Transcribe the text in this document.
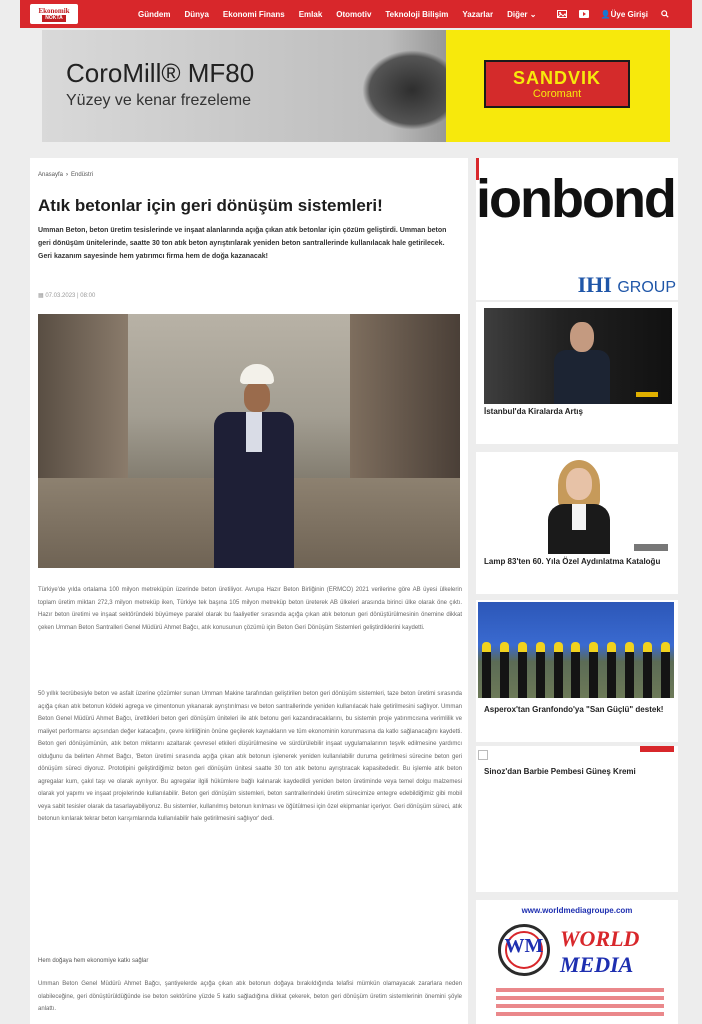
Ekonomik
NOKTA	Gündem Dünya Ekonomi Finans Emlak Otomotiv Teknoloji Bilişim Yazarlar Diğer ⌄	👤Üye Girişi
CoroMill® MF80
Yüzey ve kenar frezeleme
SANDVIK
Coromant
Anasayfa › Endüstri
Atık betonlar için geri dönüşüm sistemleri!

Umman Beton, beton üretim tesislerinde ve inşaat alanlarında açığa çıkan atık betonlar için çözüm geliştirdi. Umman beton geri dönüşüm ünitelerinde, saatte 30 ton atık beton ayrıştırılarak yeniden beton santrallerinde kullanılacak hale getirilecek. Geri kazanım sayesinde hem yatırımcı firma hem de doğa kazanacak!

▦ 07.03.2023 | 08:00

Türkiye'de yılda ortalama 100 milyon metreküpün üzerinde beton üretiliyor. Avrupa Hazır Beton Birliğinin (ERMCO) 2021 verilerine göre AB üyesi ülkelerin toplam üretim miktarı 272,3 milyon metreküp iken, Türkiye tek başına 105 milyon metreküp beton üreterek AB ülkeleri arasında birinci ülke olarak öne çıktı. Hazır beton üretimi ve inşaat sektöründeki büyümeye paralel olarak bu faaliyetler sırasında açığa çıkan atık betonun geri dönüştürülmesinin önemine dikkat çeken Umman Beton Santralleri Genel Müdürü Ahmet Bağcı, atık konusunun çözümü için Beton Geri Dönüşüm Sistemleri geliştirdiklerini kaydetti.

50 yıllık tecrübesiyle beton ve asfalt üzerine çözümler sunan Umman Makine tarafından geliştirilen beton geri dönüşüm sistemleri, taze beton üretimi sırasında açığa çıkan atık betonun ködeki agrega ve çimentonun yıkanarak ayrıştırılması ve beton santrallerinde yeniden kullanılacak hale getirilmesini sağlıyor. Umman Beton Genel Müdürü Ahmet Bağcı, ürettikleri beton geri dönüşüm üniteleri ile atık betonu geri kazandıracaklarını, bu sistemin proje yatırımcısına verimlilik ve maliyet performansı açısından değer katacağını, çevre kirliliğinin önüne geçilerek kaynakların ve tüm ekonominin korunmasına da katkı sağlanacağını kaydetti. Beton geri dönüşümünün, atık beton miktarını azaltarak çevresel etkileri düşürülmesine ve sürdürülebilir inşaat uygulamalarının teşvik edilmesine yardımcı olduğunu da belirten Ahmet Bağcı, 'Beton üretimi sırasında açığa çıkan atık betonun işlenerek yeniden kullanılabilir duruma getirilmesi sürecine beton geri dönüşüm süreci diyoruz. Prototipini geliştirdiğimiz beton geri dönüşüm ünitesi saatte 30 ton atık betonu ayrıştıracak kapasitededir. Bu işlemle atık beton agregalar kum, çakıl taşı ve olarak ayrılıyor. Bu agregalar ilgili hükümlere bağlı kalınarak kaydedildi yeniden beton üretiminde veya temel dolgu malzemesi olarak yol yapımı ve inşaat projelerinde kullanılabilir. Beton geri dönüşüm sistemleri, beton santrallerindeki üretim sürecimize entegre edebildiğimiz gibi mobil veya sabit tesisler olarak da tasarlayabiliyoruz. Bu sistemler, kullanılmış betonun kırılması ve öğütülmesi için özel ekipmanlar içeriyor. Geri dönüşüm süreci, atık betonun kırılarak tekrar beton karışımlarında kullanılabilir hale getirilmesini sağlıyor' dedi.

Hem doğaya hem ekonomiye katkı sağlar

Umman Beton Genel Müdürü Ahmet Bağcı, şantiyelerde açığa çıkan atık betonun doğaya bırakıldığında telafisi mümkün olamayacak zararlara neden olabileceğine, geri dönüştürüldüğünde ise beton sektörüne yüzde 5 katkı sağladığına dikkat çekerek, beton geri dönüşüm üretim sistemlerinin önemini şöyle anlattı.

ionbond
IHI GROUP
İstanbul'da Kiralarda Artış
Lamp 83'ten 60. Yıla Özel Aydınlatma Kataloğu
Asperox'tan Granfondo'ya "San Güçlü" destek!
Sinoz'dan Barbie Pembesi Güneş Kremi
www.worldmediagroupe.com
WM WORLD
MEDIA
